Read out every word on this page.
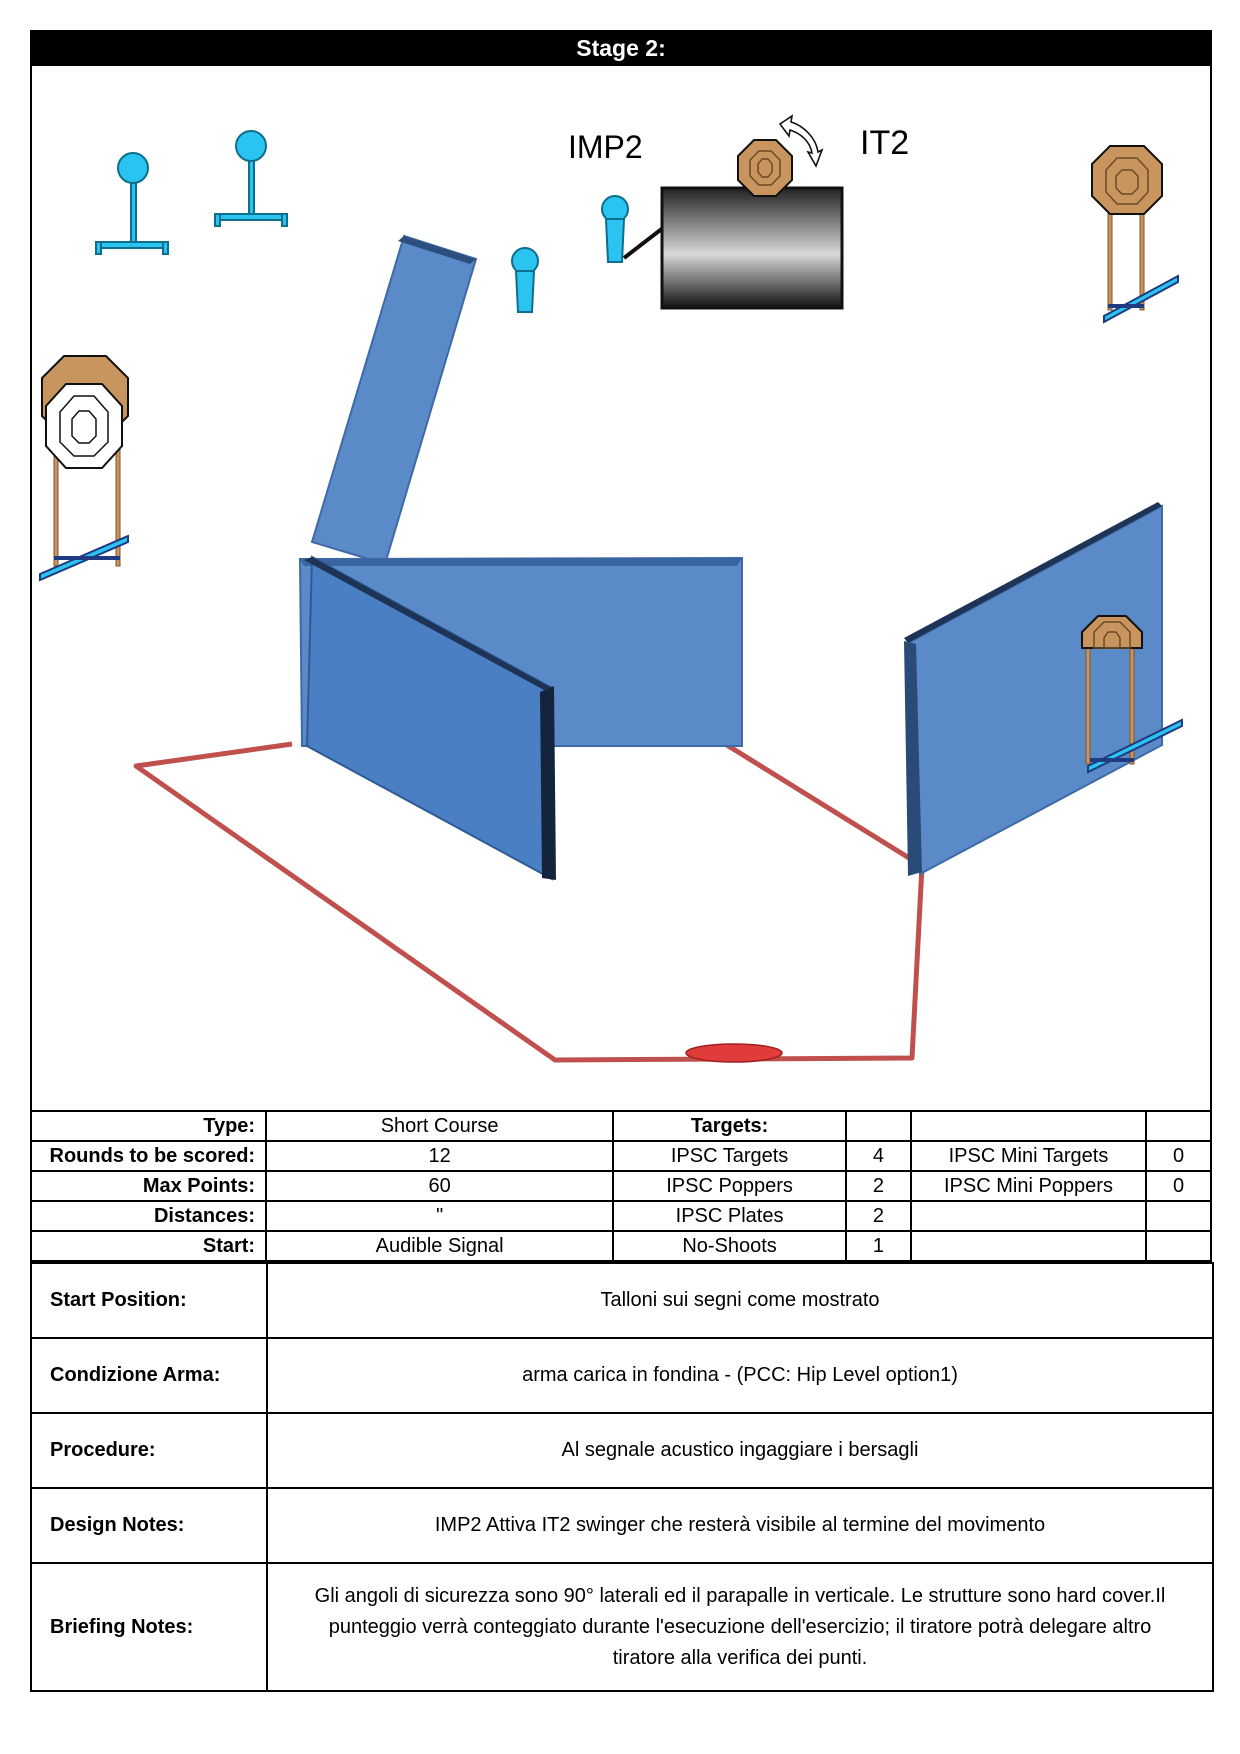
Stage 2:
IMP2	IT2
Type:	Short Course	Targets:			
Rounds to be scored:	12	IPSC Targets	4	IPSC Mini Targets	0
Max Points:	60	IPSC Poppers	2	IPSC Mini Poppers	0
Distances:	"	IPSC Plates	2		
Start:	Audible Signal	No-Shoots	1		
Start Position:	Talloni sui segni come mostrato
Condizione Arma:	arma carica in fondina - (PCC: Hip Level option1)
Procedure:	Al segnale acustico ingaggiare i bersagli
Design Notes:	IMP2 Attiva IT2 swinger che resterà visibile al termine del movimento
Briefing Notes:	Gli angoli di sicurezza sono 90° laterali ed il parapalle in verticale. Le strutture sono hard cover.Il punteggio verrà conteggiato durante l'esecuzione dell'esercizio; il tiratore potrà delegare altro tiratore alla verifica dei punti.
